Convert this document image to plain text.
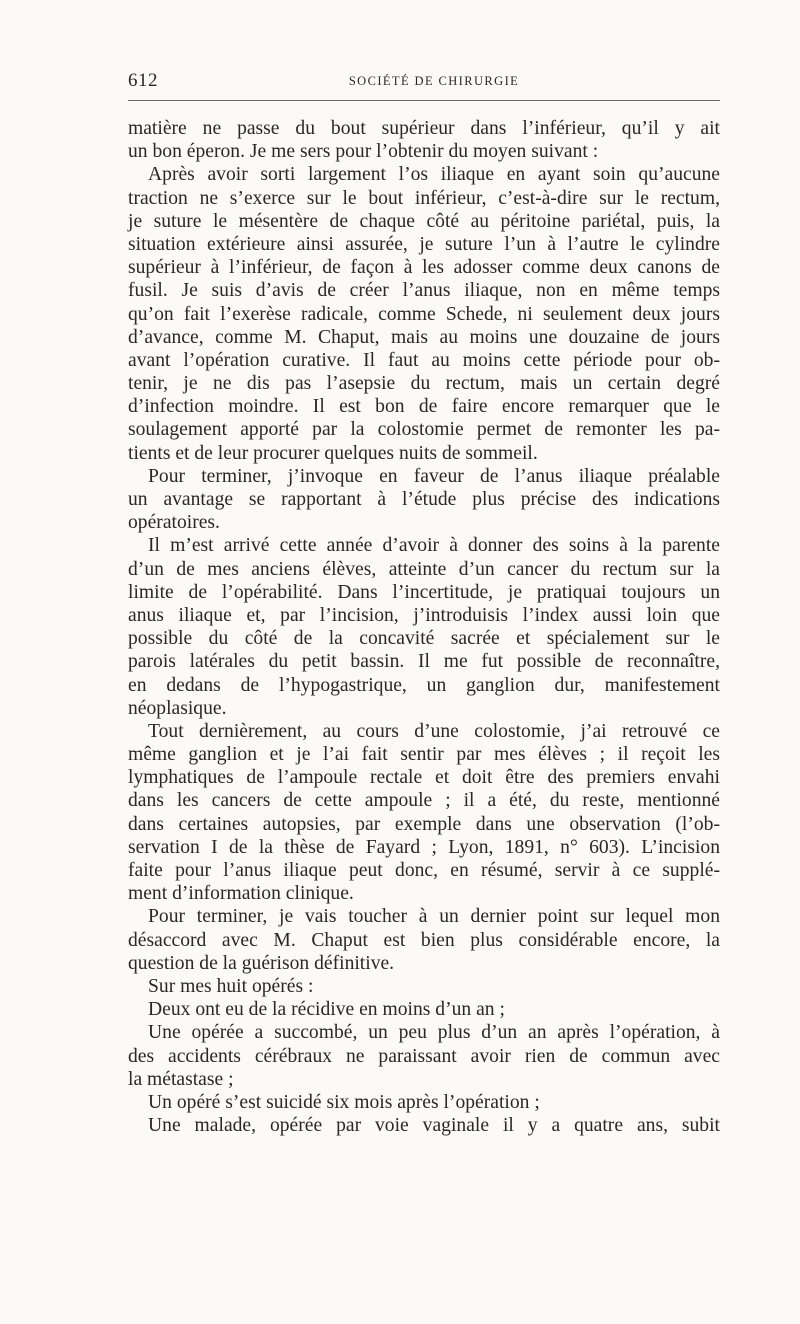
612	SOCIÉTÉ DE CHIRURGIE
matière ne passe du bout supérieur dans l’inférieur, qu’il y ait
un bon éperon. Je me sers pour l’obtenir du moyen suivant :
Après avoir sorti largement l’os iliaque en ayant soin qu’aucune
traction ne s’exerce sur le bout inférieur, c’est-à-dire sur le rectum,
je suture le mésentère de chaque côté au péritoine pariétal, puis, la
situation extérieure ainsi assurée, je suture l’un à l’autre le cylindre
supérieur à l’inférieur, de façon à les adosser comme deux canons de
fusil. Je suis d’avis de créer l’anus iliaque, non en même temps
qu’on fait l’exerèse radicale, comme Schede, ni seulement deux jours
d’avance, comme M. Chaput, mais au moins une douzaine de jours
avant l’opération curative. Il faut au moins cette période pour ob-
tenir, je ne dis pas l’asepsie du rectum, mais un certain degré
d’infection moindre. Il est bon de faire encore remarquer que le
soulagement apporté par la colostomie permet de remonter les pa-
tients et de leur procurer quelques nuits de sommeil.
Pour terminer, j’invoque en faveur de l’anus iliaque préalable
un avantage se rapportant à l’étude plus précise des indications
opératoires.
Il m’est arrivé cette année d’avoir à donner des soins à la parente
d’un de mes anciens élèves, atteinte d’un cancer du rectum sur la
limite de l’opérabilité. Dans l’incertitude, je pratiquai toujours un
anus iliaque et, par l’incision, j’introduisis l’index aussi loin que
possible du côté de la concavité sacrée et spécialement sur le
parois latérales du petit bassin. Il me fut possible de reconnaître,
en dedans de l’hypogastrique, un ganglion dur, manifestement
néoplasique.
Tout dernièrement, au cours d’une colostomie, j’ai retrouvé ce
même ganglion et je l’ai fait sentir par mes élèves ; il reçoit les
lymphatiques de l’ampoule rectale et doit être des premiers envahi
dans les cancers de cette ampoule ; il a été, du reste, mentionné
dans certaines autopsies, par exemple dans une observation (l’ob-
servation I de la thèse de Fayard ; Lyon, 1891, n° 603). L’incision
faite pour l’anus iliaque peut donc, en résumé, servir à ce supplé-
ment d’information clinique.
Pour terminer, je vais toucher à un dernier point sur lequel mon
désaccord avec M. Chaput est bien plus considérable encore, la
question de la guérison définitive.
Sur mes huit opérés :
Deux ont eu de la récidive en moins d’un an ;
Une opérée a succombé, un peu plus d’un an après l’opération, à
des accidents cérébraux ne paraissant avoir rien de commun avec
la métastase ;
Un opéré s’est suicidé six mois après l’opération ;
Une malade, opérée par voie vaginale il y a quatre ans, subit
